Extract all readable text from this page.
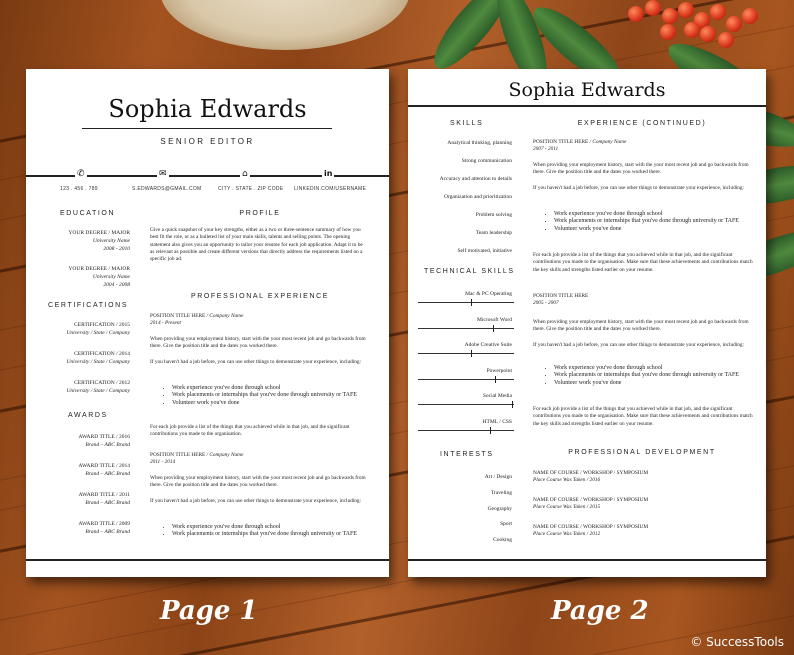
Sophia Edwards
SENIOR EDITOR
✆	✉	⌂	in
123 . 456 . 789	S.EDWARDS@GMAIL.COM	CITY . STATE . ZIP CODE LINKEDIN.COM/USERNAME
EDUCATION
YOUR DEGREE / MAJOR
University Name
2008 - 2010
YOUR DEGREE / MAJOR
University Name
2004 - 2008
CERTIFICATIONS
CERTIFICATION / 2015
University / State / Company
CERTIFICATION / 2014
University / State / Company
CERTIFICATION / 2012
University / State / Company
AWARDS
AWARD TITLE / 2016
Brand – ABC Brand
AWARD TITLE / 2014
Brand – ABC Brand
AWARD TITLE / 2011
Brand – ABC Brand
AWARD TITLE / 2009
Brand – ABC Brand
PROFILE
Give a quick snapshot of your key strengths, either as a two or three-sentence summary of how you best fit the role, or as a bulleted list of your main skills, talents and selling points. The opening statement also gives you an opportunity to tailor your resume for each job application. Adapt it to be as relevant as possible and create different versions that directly address the requirements listed on a specific job ad.
PROFESSIONAL EXPERIENCE
POSITION TITLE HERE / Company Name
2014 - Present
When providing your employment history, start with the your most recent job and go backwards from there. Give the position title and the dates you worked there.
If you haven't had a job before, you can use other things to demonstrate your experience, including:
• Work experience you've done through school
• Work placements or internships that you've done through university or TAFE
• Volunteer work you've done
For each job provide a list of the things that you achieved while in that job, and the significant contributions you made to the organisation.
POSITION TITLE HERE / Company Name
2011 - 2014
When providing your employment history, start with the your most recent job and go backwards from there. Give the position title and the dates you worked there.
If you haven't had a job before, you can use other things to demonstrate your experience, including:
• Work experience you've done through school
• Work placements or internships that you've done through university or TAFE
Sophia Edwards
SKILLS
Analytical thinking, planning
Strong communication
Accuracy and attention to details
Organization and prioritization
Problem solving
Team leadership
Self motivated, initiative
TECHNICAL SKILLS
Mac & PC Operating
Microsoft Word
Adobe Creative Suite
Powerpoint
Social Media
HTML / CSS
INTERESTS
Art / Design
Traveling
Geography
Sport
Cooking
EXPERIENCE (CONTINUED)
POSITION TITLE HERE / Company Name
2007 - 2011
When providing your employment history, start with the your most recent job and go backwards from there. Give the position title and the dates you worked there.
If you haven't had a job before, you can use other things to demonstrate your experience, including:
• Work experience you've done through school
• Work placements or internships that you've done through university or TAFE
• Volunteer work you've done
For each job provide a list of the things that you achieved while in that job, and the significant contributions you made to the organisation. Make sure that these achievements and contributions match the key skills and strengths listed earlier on your resume.
POSITION TITLE HERE
2005 - 2007
When providing your employment history, start with the your most recent job and go backwards from there. Give the position title and the dates you worked there.
If you haven't had a job before, you can use other things to demonstrate your experience, including:
• Work experience you've done through school
• Work placements or internships that you've done through university or TAFE
• Volunteer work you've done
For each job provide a list of the things that you achieved while in that job, and the significant contributions you made to the organisation. Make sure that these achievements and contributions match the key skills and strengths listed earlier on your resume.
PROFESSIONAL DEVELOPMENT
NAME OF COURSE / WORKSHOP / SYMPOSIUM
Place Course Was Taken / 2016
NAME OF COURSE / WORKSHOP / SYMPOSIUM
Place Course Was Taken / 2015
NAME OF COURSE / WORKSHOP / SYMPOSIUM
Place Course Was Taken / 2012
Page 1	Page 2
© SuccessTools
